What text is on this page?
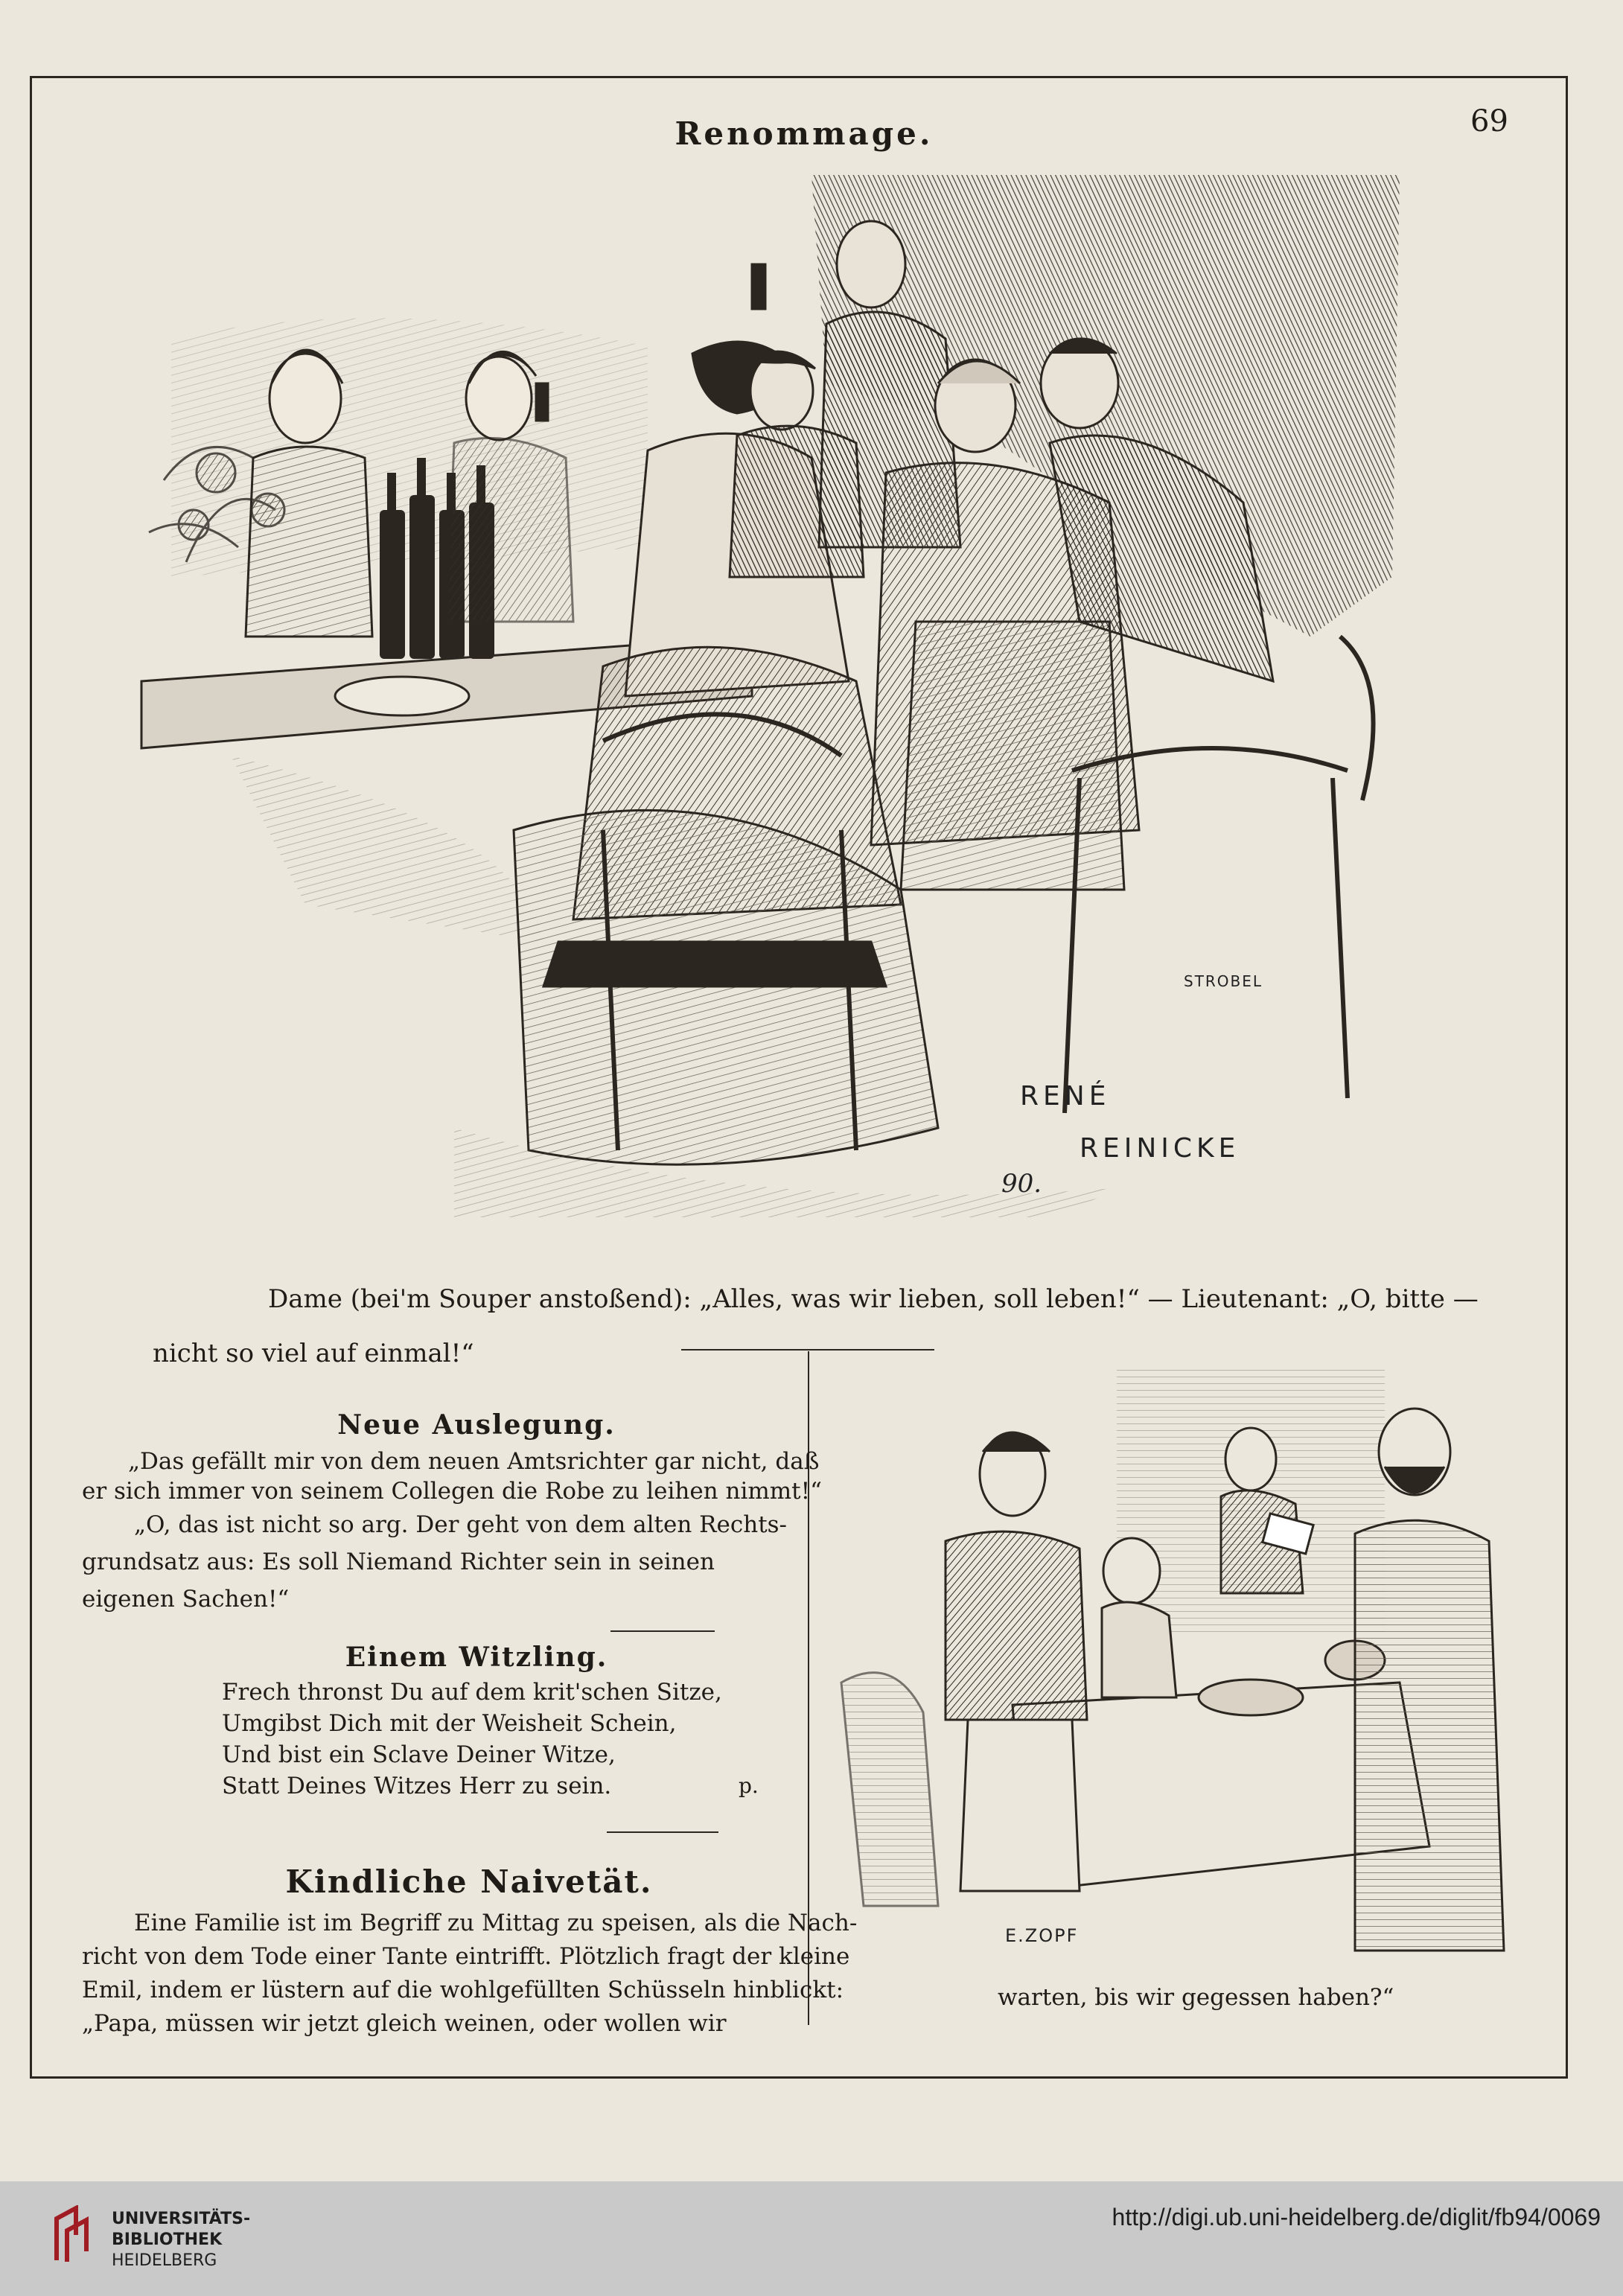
Renommage.	69
STROBEL
RENÉ
REINICKE
90.
Dame (bei'm Souper anstoßend): „Alles, was wir lieben, soll leben!“ — Lieutenant: „O, bitte —
nicht so viel auf einmal!“
Neue Auslegung.
„Das gefällt mir von dem neuen Amtsrichter gar nicht, daß
er sich immer von seinem Collegen die Robe zu leihen nimmt!“
„O, das ist nicht so arg. Der geht von dem alten Rechts-
grundsatz aus: Es soll Niemand Richter sein in seinen
eigenen Sachen!“
Einem Witzling.
Frech thronst Du auf dem krit'schen Sitze,
Umgibst Dich mit der Weisheit Schein,
Und bist ein Sclave Deiner Witze,
Statt Deines Witzes Herr zu sein.	p.
Kindliche Naivetät.
Eine Familie ist im Begriff zu Mittag zu speisen, als die Nach-
richt von dem Tode einer Tante eintrifft. Plötzlich fragt der kleine
Emil, indem er lüstern auf die wohlgefüllten Schüsseln hinblickt:
„Papa, müssen wir jetzt gleich weinen, oder wollen wir
E.ZOPF
warten, bis wir gegessen haben?“
UNIVERSITÄTS-
BIBLIOTHEK
HEIDELBERG
http://digi.ub.uni-heidelberg.de/diglit/fb94/0069
